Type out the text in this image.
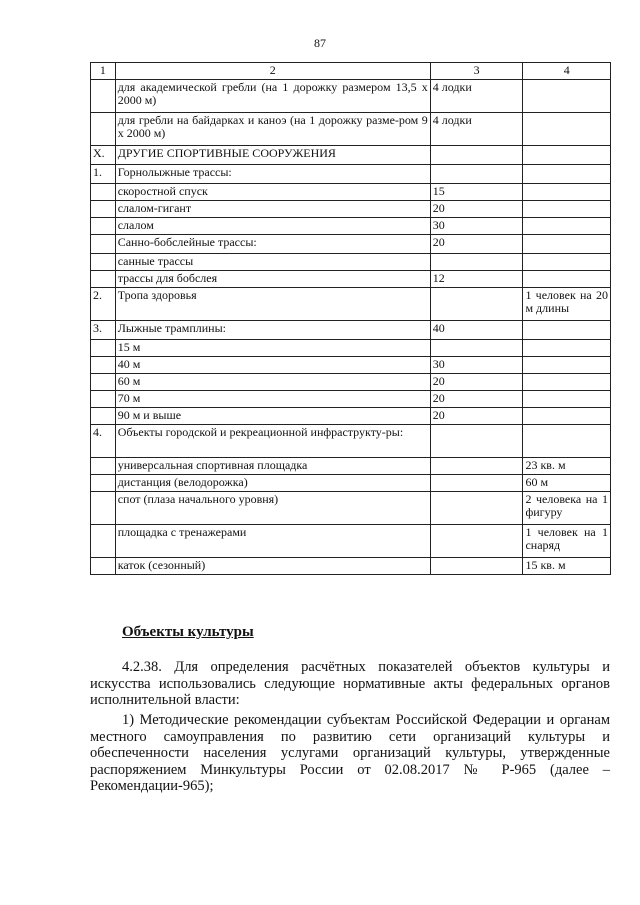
87
1	2	3	4
	для академической гребли (на 1 дорожку размером 13,5 х 2000 м)	4 лодки	
	для гребли на байдарках и каноэ (на 1 дорожку разме-ром 9 х 2000 м)	4 лодки	
X.	ДРУГИЕ СПОРТИВНЫЕ СООРУЖЕНИЯ		
1.	Горнолыжные трассы:		
	скоростной спуск	15	
	слалом-гигант	20	
	слалом	30	
	Санно-бобслейные трассы:	20	
	санные трассы		
	трассы для бобслея	12	
2.	Тропа здоровья		1 человек на 20 м длины
3.	Лыжные трамплины:	40	
	15 м		
	40 м	30	
	60 м	20	
	70 м	20	
	90 м и выше	20	
4.	Объекты городской и рекреационной инфраструкту-ры:		
	универсальная спортивная площадка		23 кв. м
	дистанция (велодорожка)		60 м
	спот (плаза начального уровня)		2 человека на 1 фигуру
	площадка с тренажерами		1 человек на 1 снаряд
	каток (сезонный)		15 кв. м
Объекты культуры

4.2.38. Для определения расчётных показателей объектов культуры и искусства использовались следующие нормативные акты федеральных органов исполнительной власти:

1) Методические рекомендации субъектам Российской Федерации и органам местного самоуправления по развитию сети организаций культуры и обеспеченности населения услугами организаций культуры, утвержденные распоряжением Минкультуры России от 02.08.2017 № Р-965 (далее – Рекомендации-965);
